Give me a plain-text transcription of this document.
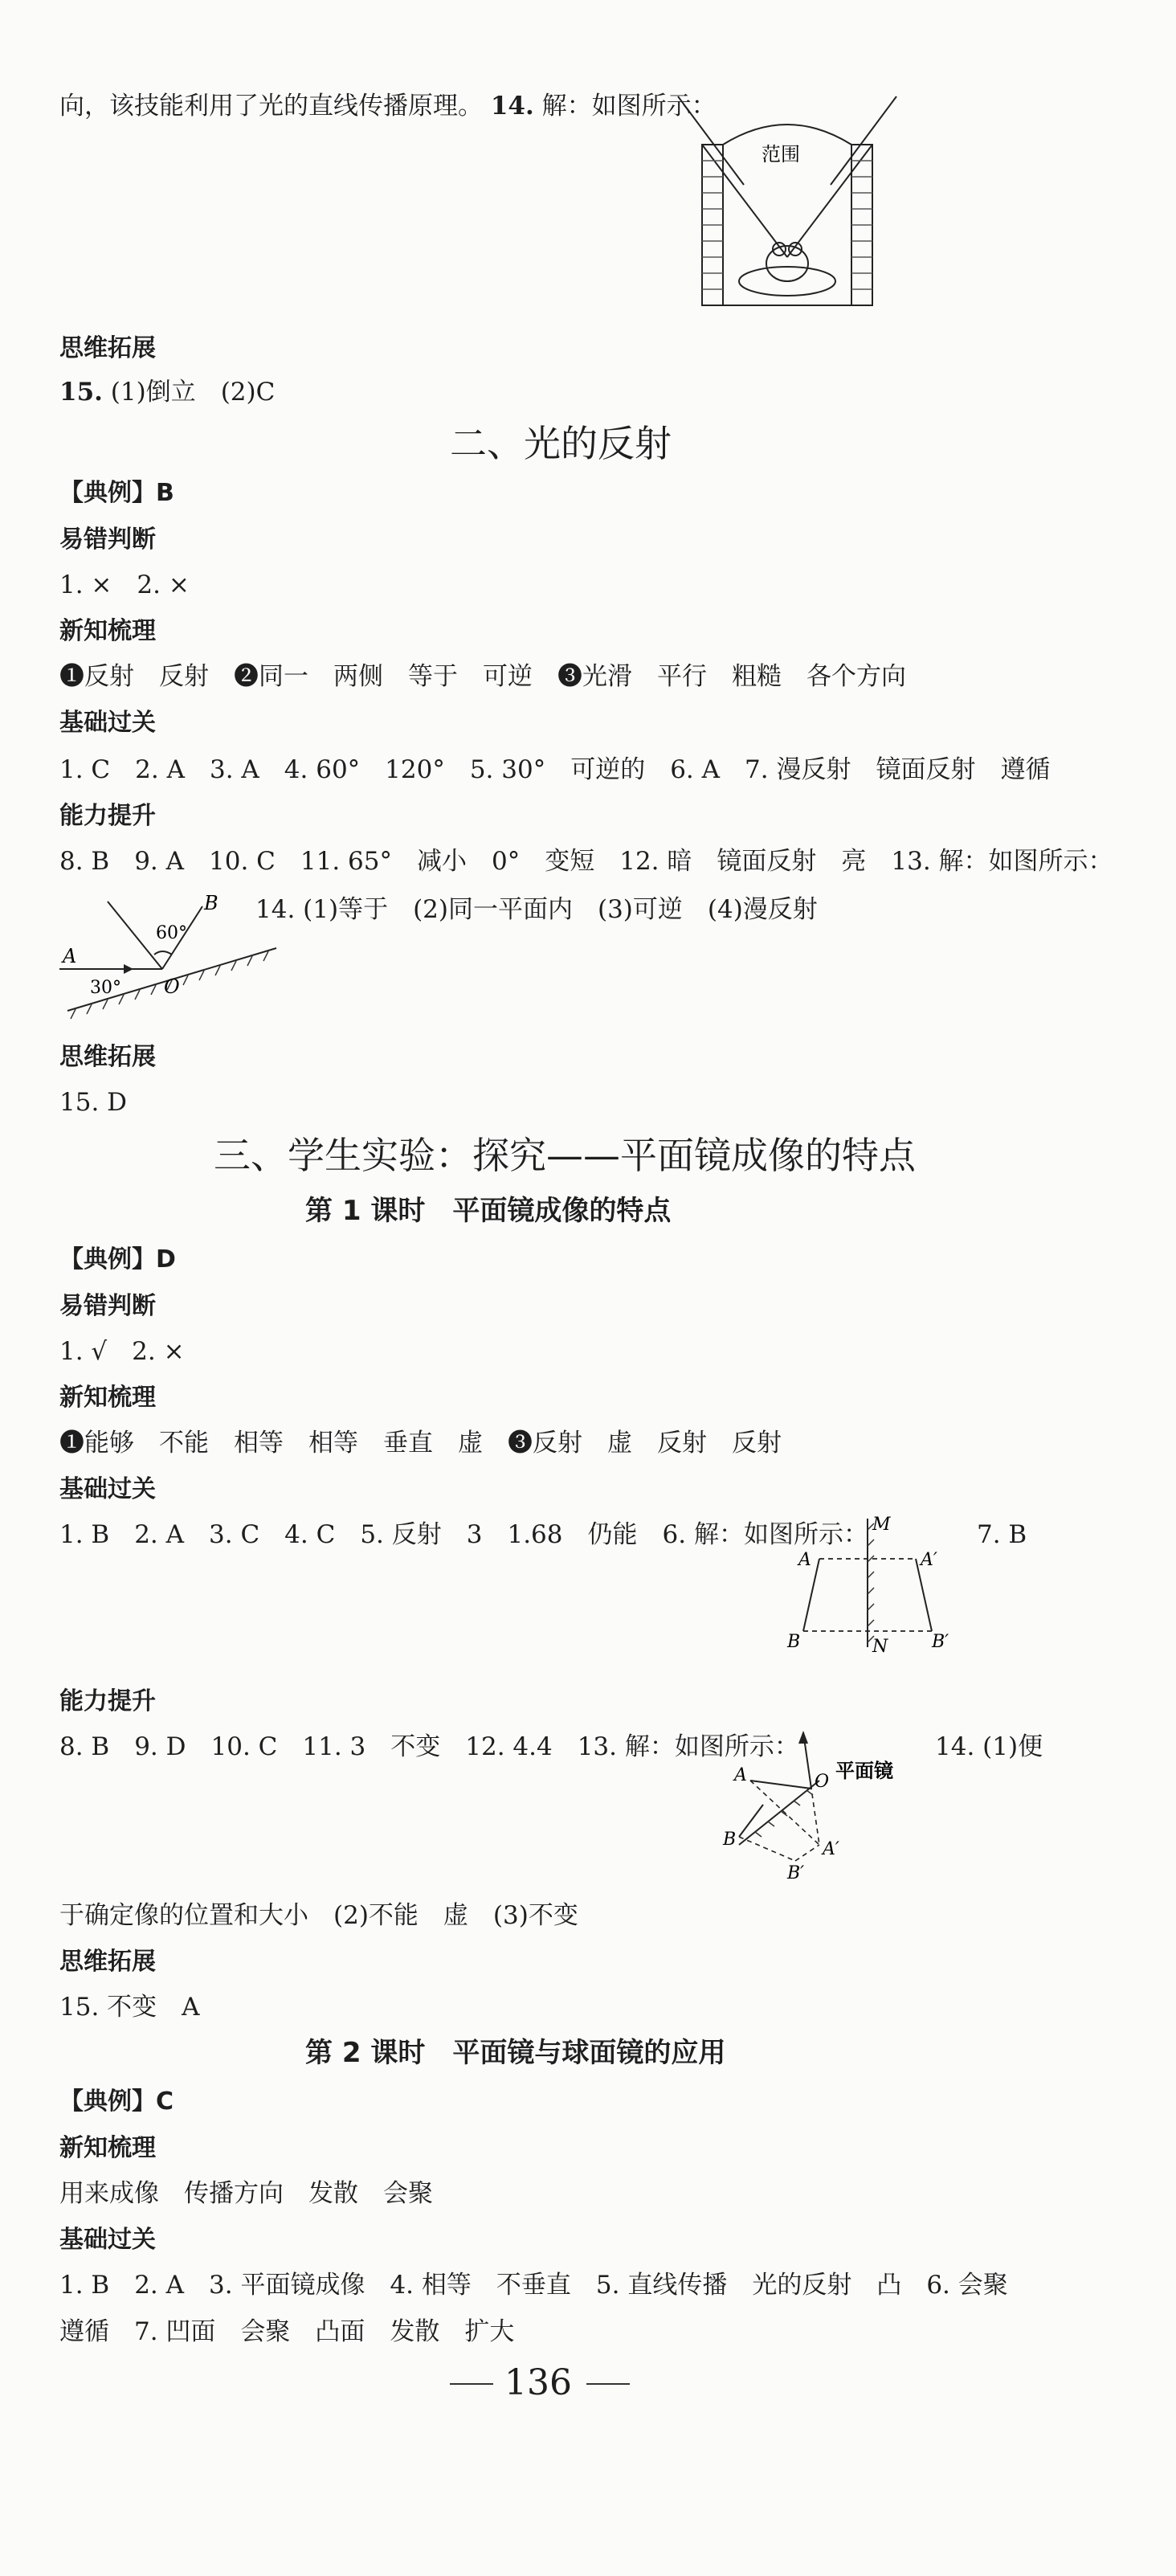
向，该技能利用了光的直线传播原理。 14. 解：如图所示：
范围
思维拓展
15. (1)倒立　(2)C
二、光的反射
【典例】B
易错判断
1. ×　2. ×
新知梳理
❶反射　反射　❷同一　两侧　等于　可逆　❸光滑　平行　粗糙　各个方向
基础过关
1. C　2. A　3. A　4. 60°　120°　5. 30°　可逆的　6. A　7. 漫反射　镜面反射　遵循
能力提升
8. B　9. A　10. C　11. 65°　减小　0°　变短　12. 暗　镜面反射　亮　13. 解：如图所示：
14. (1)等于　(2)同一平面内　(3)可逆　(4)漫反射
A
B
O
60°
30°
思维拓展
15. D
三、学生实验：探究——平面镜成像的特点
第 1 课时　平面镜成像的特点
【典例】D
易错判断
1. √　2. ×
新知梳理
❶能够　不能　相等　相等　垂直　虚　❸反射　虚　反射　反射
基础过关
1. B　2. A　3. C　4. C　5. 反射　3　1.68　仍能　6. 解：如图所示：	7. B
M
N
A	A′
B	B′
能力提升
8. B　9. D　10. C　11. 3　不变　12. 4.4　13. 解：如图所示：	14. (1)便
A
B
O
A′
B′
平面镜
于确定像的位置和大小　(2)不能　虚　(3)不变
思维拓展
15. 不变　A
第 2 课时　平面镜与球面镜的应用
【典例】C
新知梳理
用来成像　传播方向　发散　会聚
基础过关
1. B　2. A　3. 平面镜成像　4. 相等　不垂直　5. 直线传播　光的反射　凸　6. 会聚
遵循　7. 凹面　会聚　凸面　发散　扩大
136
